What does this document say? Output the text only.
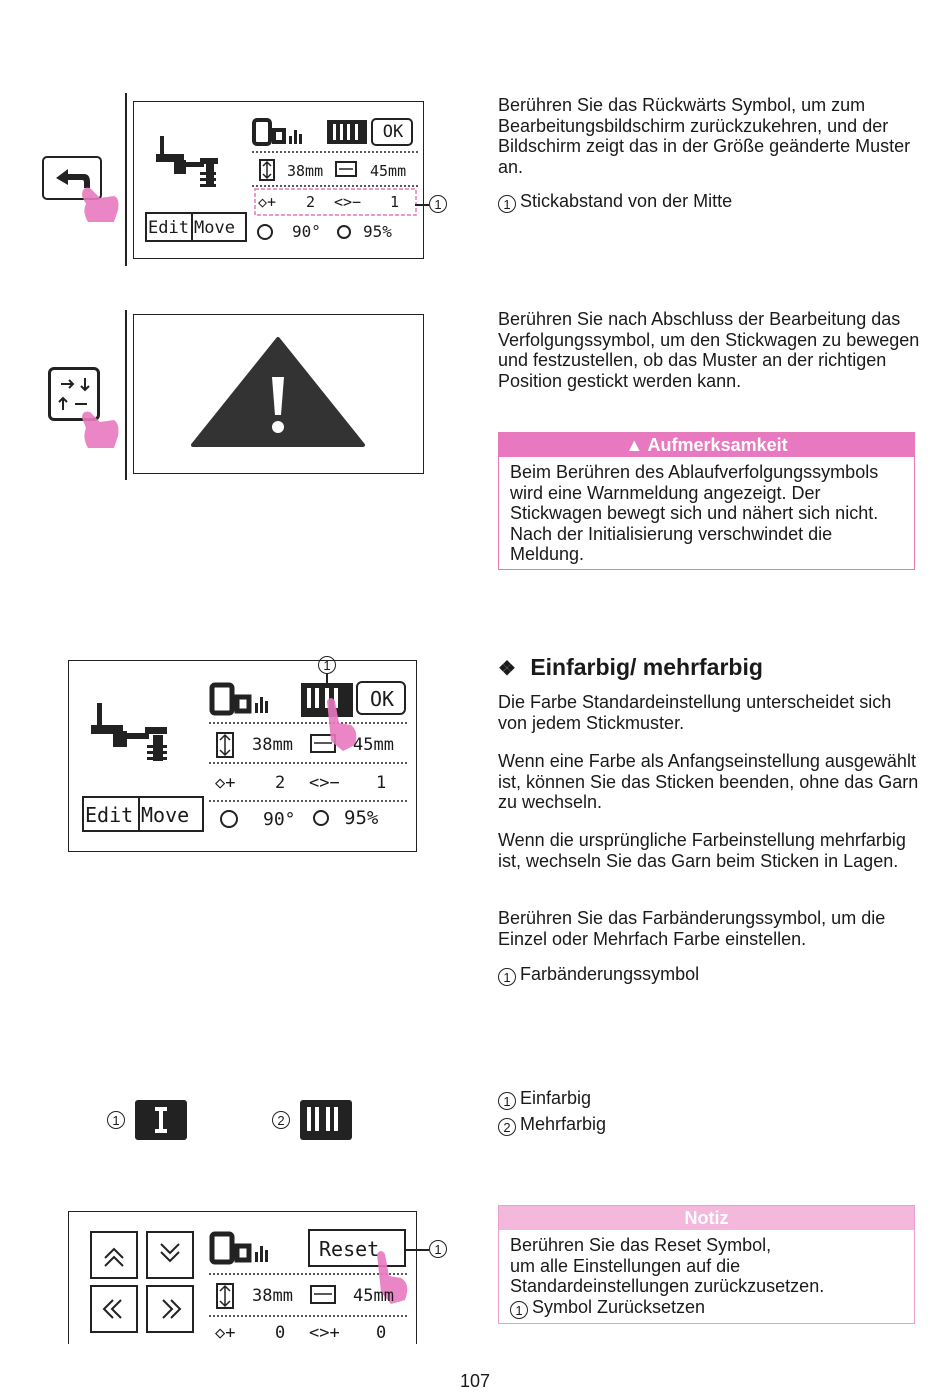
OK
38mm	45mm
◇+ 2 <>− 1
Edit Move	90°	95%
1

Berühren Sie das Rückwärts Symbol, um zum Bearbeitungsbildschirm zurückzukehren, und der Bildschirm zeigt das in der Größe geänderte Muster an.

1 Stickabstand von der Mitte

Berühren Sie nach Abschluss der Bearbeitung das Verfolgungssymbol, um den Stickwagen zu bewegen und festzustellen, ob das Muster an der richtigen Position gestickt werden kann.

▲ Aufmerksamkeit
Beim Berühren des Ablaufverfolgungssymbols wird eine Warnmeldung angezeigt. Der Stickwagen bewegt sich und nähert sich nicht. Nach der Initialisierung verschwindet die Meldung.
OK
38mm	45mm
◇+ 2 <>− 1
Edit Move	90°	95%
1	❖ Einfarbig/ mehrfarbig

Die Farbe Standardeinstellung unterscheidet sich von jedem Stickmuster.

Wenn eine Farbe als Anfangseinstellung ausgewählt ist, können Sie das Sticken beenden, ohne das Garn zu wechseln.

Wenn die ursprüngliche Farbeinstellung mehrfarbig ist, wechseln Sie das Garn beim Sticken in Lagen.

Berühren Sie das Farbänderungssymbol, um die Einzel oder Mehrfach Farbe einstellen.

1 Farbänderungssymbol
1	2
1 Einfarbig
2 Mehrfarbig
Reset
38mm	45mm
◇+ 0 <>+ 0
1
Notiz
Berühren Sie das Reset Symbol,
um alle Einstellungen auf die
Standardeinstellungen zurückzusetzen.
1 Symbol Zurücksetzen
107
